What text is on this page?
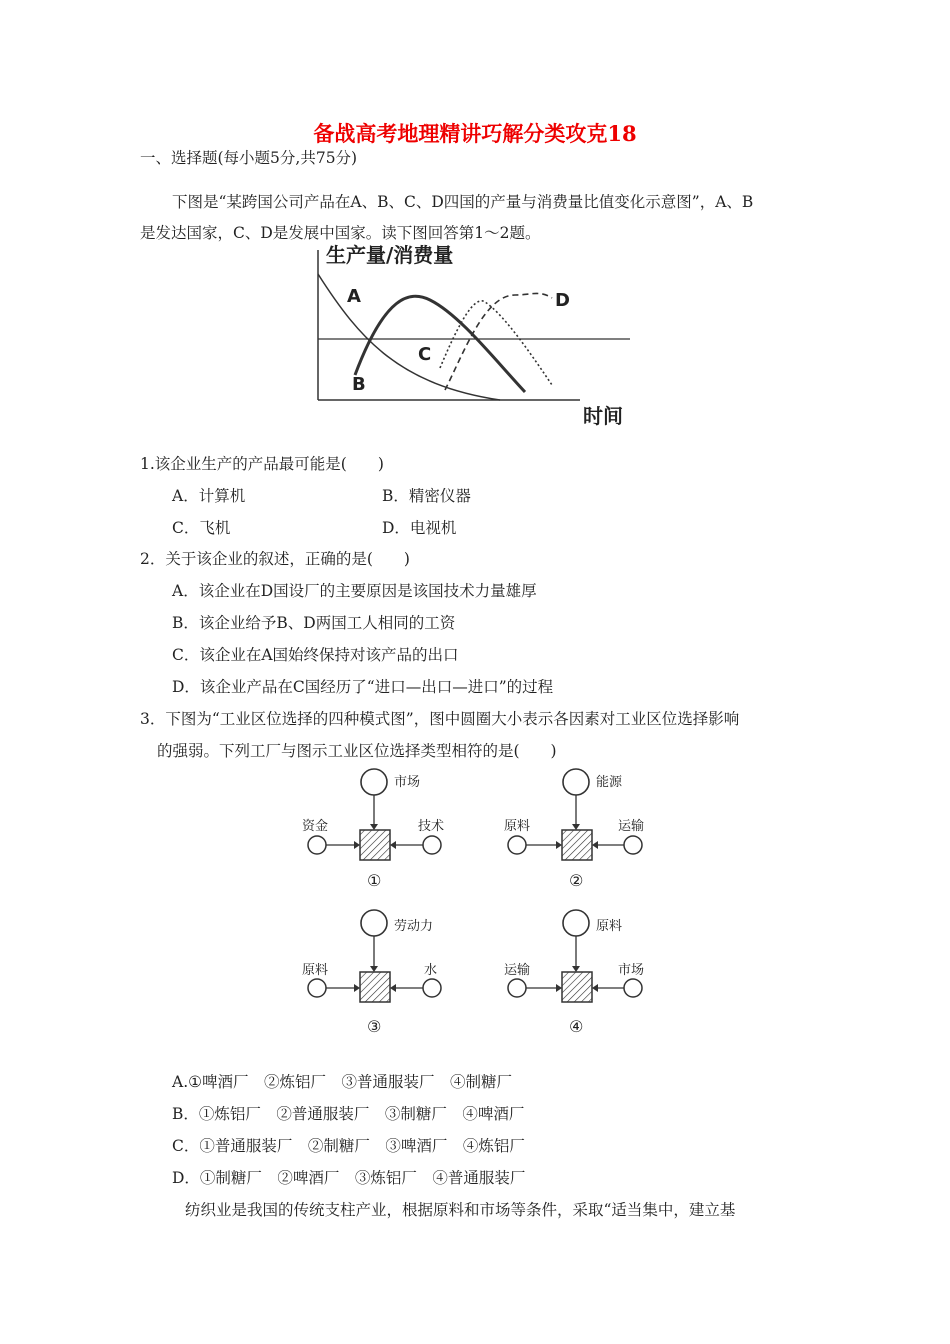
备战高考地理精讲巧解分类攻克18
一、选择题(每小题5分,共75分)
下图是“某跨国公司产品在A、B、C、D四国的产量与消费量比值变化示意图”，A、B
是发达国家，C、D是发展中国家。读下图回答第1～2题。
生产量/消费量
时间
A
B
C
D
1.该企业生产的产品最可能是(　　)
A．计算机	B．精密仪器
C．飞机	D．电视机
2．关于该企业的叙述，正确的是(　　)
A．该企业在D国设厂的主要原因是该国技术力量雄厚
B．该企业给予B、D两国工人相同的工资
C．该企业在A国始终保持对该产品的出口
D．该企业产品在C国经历了“进口—出口—进口”的过程
3．下图为“工业区位选择的四种模式图”，图中圆圈大小表示各因素对工业区位选择影响
的强弱。下列工厂与图示工业区位选择类型相符的是(　　)
市场
资金	技术
①
能源
原料	运输
②
劳动力
原料	水
③
原料
运输	市场
④
A.①啤酒厂　②炼铝厂　③普通服装厂　④制糖厂
B．①炼铝厂　②普通服装厂　③制糖厂　④啤酒厂
C．①普通服装厂　②制糖厂　③啤酒厂　④炼铝厂
D．①制糖厂　②啤酒厂　③炼铝厂　④普通服装厂
纺织业是我国的传统支柱产业，根据原料和市场等条件，采取“适当集中，建立基
